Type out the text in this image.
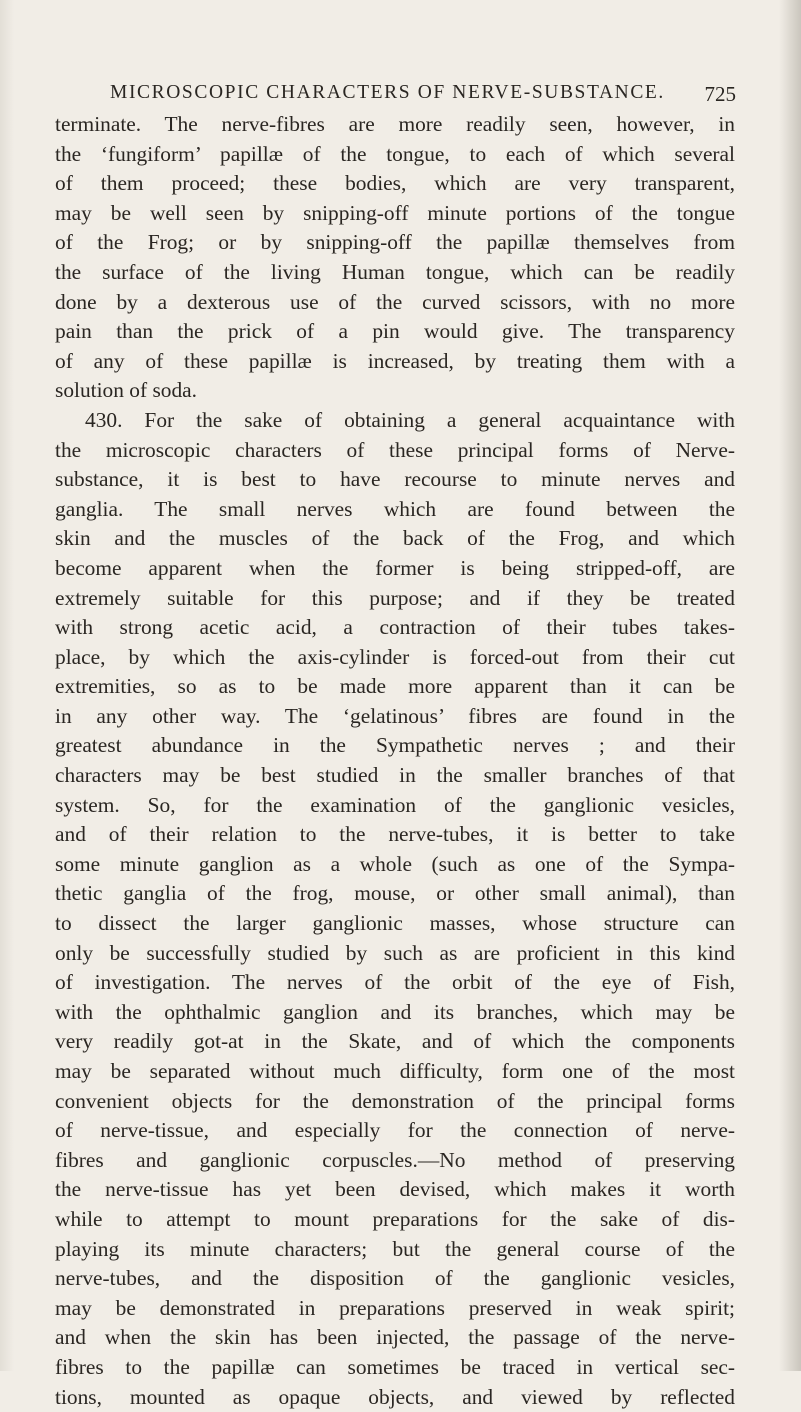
MICROSCOPIC CHARACTERS OF NERVE-SUBSTANCE. 725
terminate. The nerve-fibres are more readily seen, however, in
the ‘fungiform’ papillæ of the tongue, to each of which several
of them proceed; these bodies, which are very transparent,
may be well seen by snipping-off minute portions of the tongue
of the Frog; or by snipping-off the papillæ themselves from
the surface of the living Human tongue, which can be readily
done by a dexterous use of the curved scissors, with no more
pain than the prick of a pin would give. The transparency
of any of these papillæ is increased, by treating them with a
solution of soda.
430. For the sake of obtaining a general acquaintance with
the microscopic characters of these principal forms of Nerve-
substance, it is best to have recourse to minute nerves and
ganglia. The small nerves which are found between the
skin and the muscles of the back of the Frog, and which
become apparent when the former is being stripped-off, are
extremely suitable for this purpose; and if they be treated
with strong acetic acid, a contraction of their tubes takes-
place, by which the axis-cylinder is forced-out from their cut
extremities, so as to be made more apparent than it can be
in any other way. The ‘gelatinous’ fibres are found in the
greatest abundance in the Sympathetic nerves ; and their
characters may be best studied in the smaller branches of that
system. So, for the examination of the ganglionic vesicles,
and of their relation to the nerve-tubes, it is better to take
some minute ganglion as a whole (such as one of the Sympa-
thetic ganglia of the frog, mouse, or other small animal), than
to dissect the larger ganglionic masses, whose structure can
only be successfully studied by such as are proficient in this kind
of investigation. The nerves of the orbit of the eye of Fish,
with the ophthalmic ganglion and its branches, which may be
very readily got-at in the Skate, and of which the components
may be separated without much difficulty, form one of the most
convenient objects for the demonstration of the principal forms
of nerve-tissue, and especially for the connection of nerve-
fibres and ganglionic corpuscles.—No method of preserving
the nerve-tissue has yet been devised, which makes it worth
while to attempt to mount preparations for the sake of dis-
playing its minute characters; but the general course of the
nerve-tubes, and the disposition of the ganglionic vesicles,
may be demonstrated in preparations preserved in weak spirit;
and when the skin has been injected, the passage of the nerve-
fibres to the papillæ can sometimes be traced in vertical sec-
tions, mounted as opaque objects, and viewed by reflected
